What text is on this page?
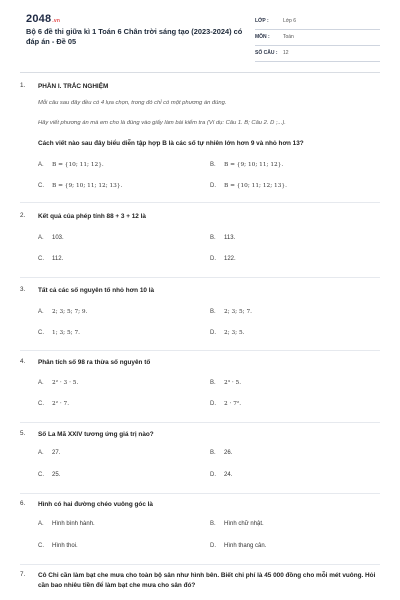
2048.vn
Bộ 6 đề thi giữa kì 1 Toán 6 Chân trời sáng tạo (2023-2024) có đáp án - Đề 05
LỚP :	Lớp 6
MÔN :	Toán
SỐ CÂU : 12
1. PHẦN I. TRẮC NGHIỆM
Mỗi câu sau đây đều có 4 lựa chọn, trong đó chỉ có một phương án đúng.
Hãy viết phương án mà em cho là đúng vào giấy làm bài kiểm tra (Ví dụ: Câu 1. B; Câu 2. D ;...).
Cách viết nào sau đây biểu diễn tập hợp B là các số tự nhiên lớn hơn 9 và nhỏ hơn 13?
A. B = {10; 11; 12}.	B. B = {9; 10; 11; 12}.
C. B = {9; 10; 11; 12; 13}.	D. B = {10; 11; 12; 13}.
2. Kết quả của phép tính 88 + 3 + 12 là
A. 103.	B. 113.
C. 112.	D. 122.
3. Tất cả các số nguyên tố nhỏ hơn 10 là
A. 2; 3; 5; 7; 9.	B. 2; 3; 5; 7.
C. 1; 3; 5; 7.	D. 2; 3; 5.
4. Phân tích số 98 ra thừa số nguyên tố
A. 2² · 3 · 5.	B. 2³ · 5.
C. 2² · 7.	D. 2 · 7².
5. Số La Mã XXIV tương ứng giá trị nào?
A. 27.	B. 26.
C. 25.	D. 24.
6. Hình có hai đường chéo vuông góc là
A. Hình bình hành.	B. Hình chữ nhật.
C. Hình thoi.	D. Hình thang cân.
7. Cô Chi cần làm bạt che mưa cho toàn bộ sân như hình bên. Biết chi phí là 45 000 đồng cho mỗi mét vuông. Hỏi cần bao nhiêu tiền để làm bạt che mưa cho sân đó?
